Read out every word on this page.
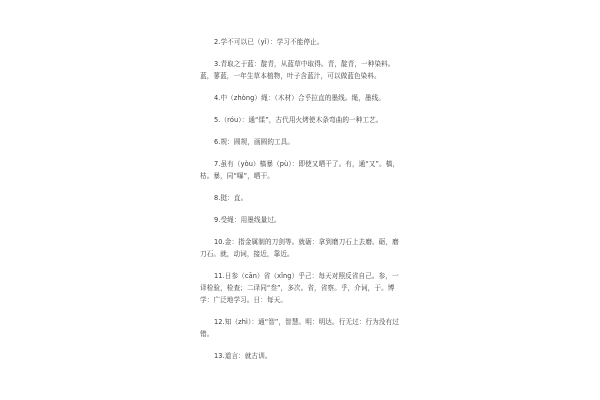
2.学不可以已（yǐ）：学习不能停止。

3.青取之于蓝：靛青，从蓝草中取得。青，靛青，一种染料。蓝，蓼蓝，一年生草本植物，叶子含蓝汁，可以做蓝色染料。

4.中（zhòng）绳：（木材）合乎拉直的墨线。绳，墨线。

5.（róu）：通“煣”，古代用火烤使木条弯曲的一种工艺。

6.规：圆规，画圆的工具。

7.虽有（yòu）槁暴（pù）：即使又晒干了。有，通“又”。槁，枯。暴，同“曝”，晒干。

8.挺：直。

9.受绳：用墨线量过。

10.金：指金属制的刀剑等。就砺：拿到磨刀石上去磨。砺，磨刀石。就，动词，接近，靠近。

11.日参（cān）省（xǐng）乎己：每天对照反省自己。参，一译检验，检查；二译同“叁”，多次。省，省察。乎，介词，于。博学：广泛地学习。日：每天。

12.知（zhì）：通“智”，智慧。明：明达。行无过：行为没有过错。

13.道言：就古训。
